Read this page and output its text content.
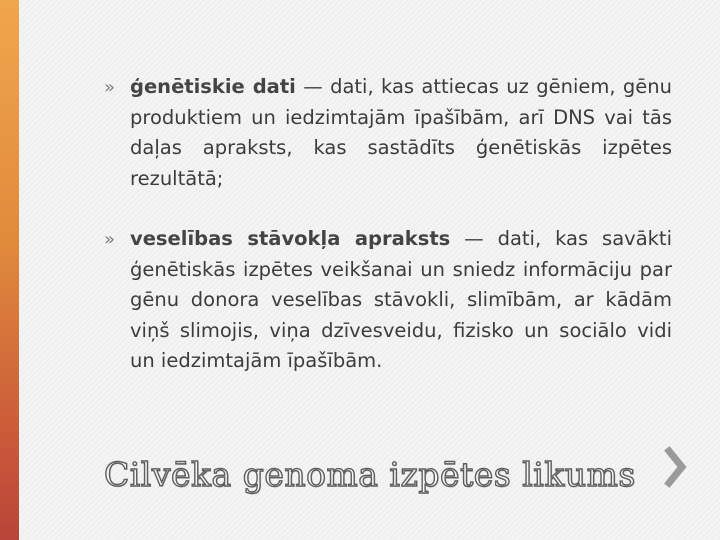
» ģenētiskie dati — dati, kas attiecas uz gēniem, gēnu produktiem un iedzimtajām īpašībām, arī DNS vai tās daļas apraksts, kas sastādīts ģenētiskās izpētes rezultātā;
» veselības stāvokļa apraksts — dati, kas savākti ģenētiskās izpētes veikšanai un sniedz informāciju par gēnu donora veselības stāvokli, slimībām, ar kādām viņš slimojis, viņa dzīvesveidu, fizisko un sociālo vidi un iedzimtajām īpašībām.
Cilvēka genoma izpētes likums
